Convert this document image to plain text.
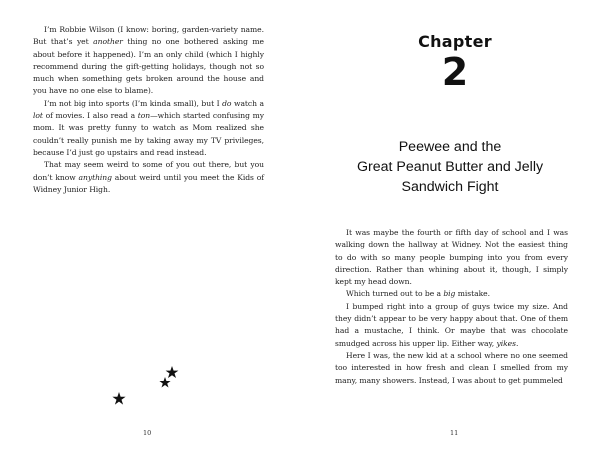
I’m Robbie Wilson (I know: boring, garden-variety name. But that’s yet another thing no one bothered asking me about before it happened). I’m an only child (which I highly recommend during the gift-getting holidays, though not so much when something gets broken around the house and you have no one else to blame).

I’m not big into sports (I’m kinda small), but I do watch a lot of movies. I also read a ton—which started confusing my mom. It was pretty funny to watch as Mom realized she couldn’t really punish me by taking away my TV privileges, because I’d just go upstairs and read instead.

That may seem weird to some of you out there, but you don’t know anything about weird until you meet the Kids of Widney Junior High.

10
Chapter
2
Peewee and the
Great Peanut Butter and Jelly
Sandwich Fight

It was maybe the fourth or fifth day of school and I was walking down the hallway at Widney. Not the easiest thing to do with so many people bumping into you from every direction. Rather than whining about it, though, I simply kept my head down.

Which turned out to be a big mistake.

I bumped right into a group of guys twice my size. And they didn’t appear to be very happy about that. One of them had a mustache, I think. Or maybe that was chocolate smudged across his upper lip. Either way, yikes.

Here I was, the new kid at a school where no one seemed too interested in how fresh and clean I smelled from my many, many showers. Instead, I was about to get pummeled

11
